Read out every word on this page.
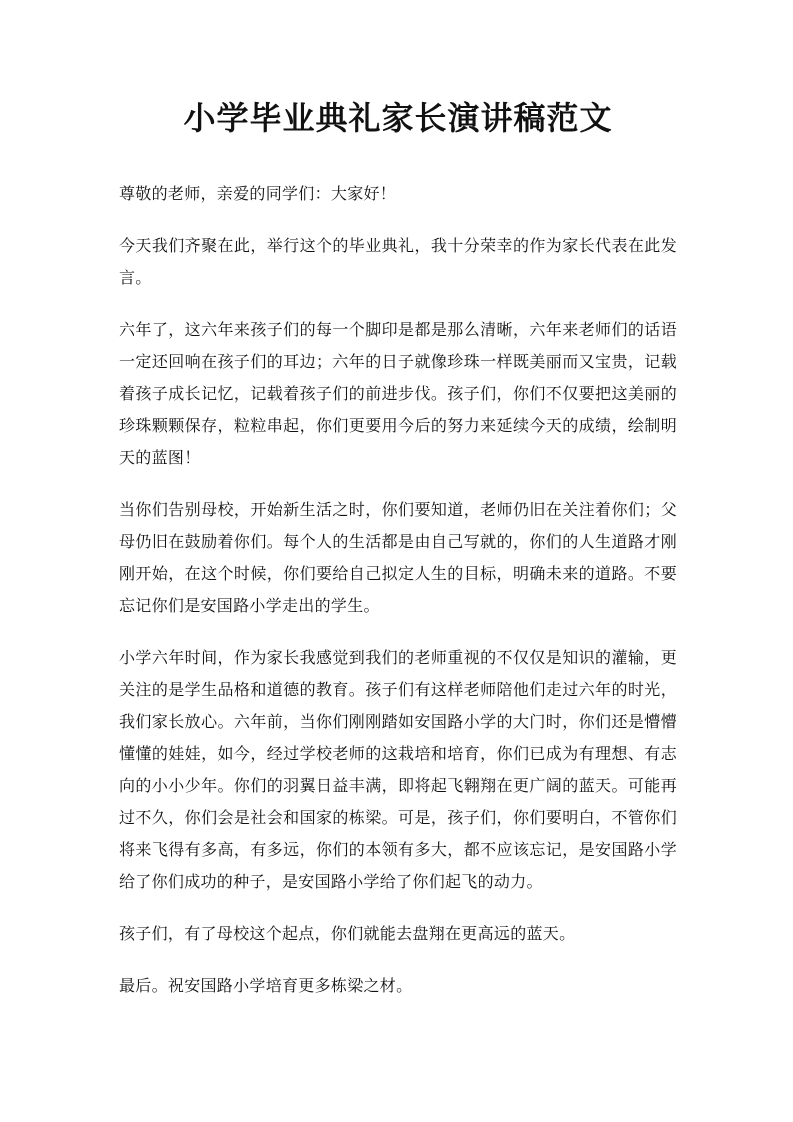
小学毕业典礼家长演讲稿范文

尊敬的老师，亲爱的同学们：大家好！

今天我们齐聚在此，举行这个的毕业典礼，我十分荣幸的作为家长代表在此发言。

六年了，这六年来孩子们的每一个脚印是都是那么清晰，六年来老师们的话语一定还回响在孩子们的耳边；六年的日子就像珍珠一样既美丽而又宝贵，记载着孩子成长记忆，记载着孩子们的前进步伐。孩子们，你们不仅要把这美丽的珍珠颗颗保存，粒粒串起，你们更要用今后的努力来延续今天的成绩，绘制明天的蓝图！

当你们告别母校，开始新生活之时，你们要知道，老师仍旧在关注着你们；父母仍旧在鼓励着你们。每个人的生活都是由自己写就的，你们的人生道路才刚刚开始，在这个时候，你们要给自己拟定人生的目标，明确未来的道路。不要忘记你们是安国路小学走出的学生。

小学六年时间，作为家长我感觉到我们的老师重视的不仅仅是知识的灌输，更关注的是学生品格和道德的教育。孩子们有这样老师陪他们走过六年的时光，我们家长放心。六年前，当你们刚刚踏如安国路小学的大门时，你们还是懵懵懂懂的娃娃，如今，经过学校老师的这栽培和培育，你们已成为有理想、有志向的小小少年。你们的羽翼日益丰满，即将起飞翱翔在更广阔的蓝天。可能再过不久，你们会是社会和国家的栋梁。可是，孩子们，你们要明白，不管你们将来飞得有多高，有多远，你们的本领有多大，都不应该忘记，是安国路小学给了你们成功的种子，是安国路小学给了你们起飞的动力。

孩子们，有了母校这个起点，你们就能去盘翔在更高远的蓝天。

最后。祝安国路小学培育更多栋梁之材。
